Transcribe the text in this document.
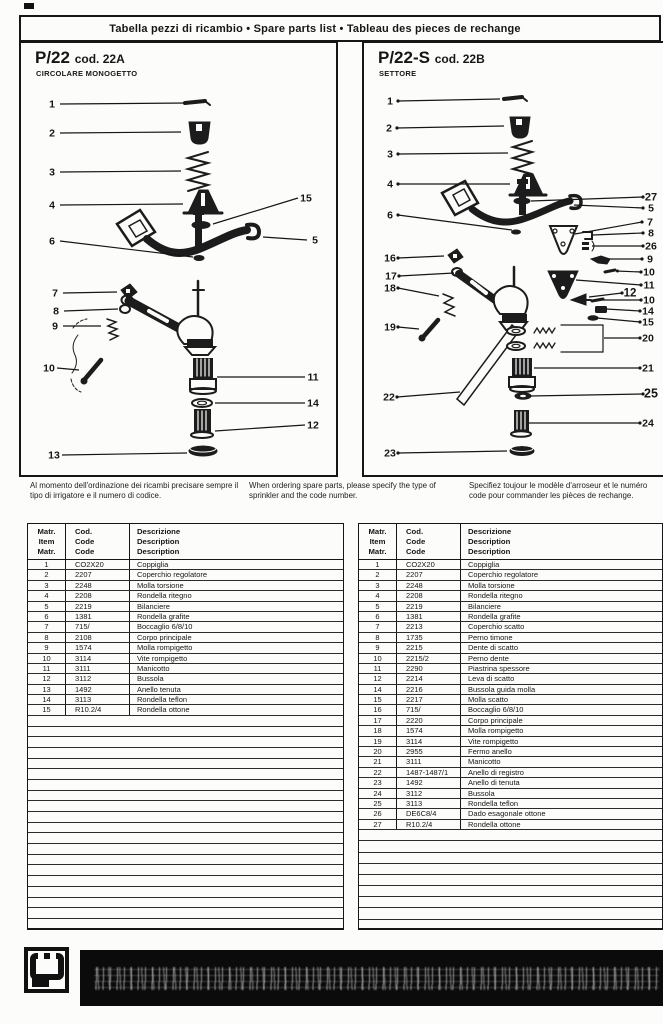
Tabella pezzi di ricambio • Spare parts list • Tableau des pieces de rechange
P/22 cod. 22A
CIRCOLARE MONOGETTO
1
2
3
4
15
5
6
7
8
9
10
11
14
12
13
P/22-S cod. 22B
SETTORE
1
2
3
4
6
16
17
18
19
22
23
27
5
7
8
26
9
10
11
12
10
14
15
20
21
25
24
Al momento dell'ordinazione dei ricambi precisare sempre il tipo di irrigatore e il numero di codice.
When ordering spare parts, please specify the type of sprinkler and the code number.
Specifiez toujour le modèle d'arroseur et le numéro code pour commander les pièces de rechange.
Matr.
Item
Matr.
Cod.
Code
Code
Descrizione
Description
Description
1	CO2X20	Coppiglia
2	2207	Coperchio regolatore
3	2248	Molla torsione
4	2208	Rondella ritegno
5	2219	Bilanciere
6	1381	Rondella grafite
7	715/	Boccaglio 6/8/10
8	2108	Corpo principale
9	1574	Molla rompigetto
10	3114	Vite rompigetto
11	3111	Manicotto
12	3112	Bussola
13	1492	Anello tenuta
14	3113	Rondella teflon
15	R10.2/4	Rondella ottone
Matr.
Item
Matr.
Cod.
Code
Code
Descrizione
Description
Description
1	CO2X20	Coppiglia
2	2207	Coperchio regolatore
3	2248	Molla torsione
4	2208	Rondella ritegno
5	2219	Bilanciere
6	1381	Rondella grafite
7	2213	Coperchio scatto
8	1735	Perno timone
9	2215	Dente di scatto
10	2215/2	Perno dente
11	2290	Piastrina spessore
12	2214	Leva di scatto
14	2216	Bussola guida molla
15	2217	Molla scatto
16	715/	Boccaglio 6/8/10
17	2220	Corpo principale
18	1574	Molla rompigetto
19	3114	Vite rompigetto
20	2955	Fermo anello
21	3111	Manicotto
22	1487-1487/1	Anello di registro
23	1492	Anello di tenuta
24	3112	Bussola
25	3113	Rondella teflon
26	DE6C8/4	Dado esagonale ottone
27	R10.2/4	Rondella ottone
